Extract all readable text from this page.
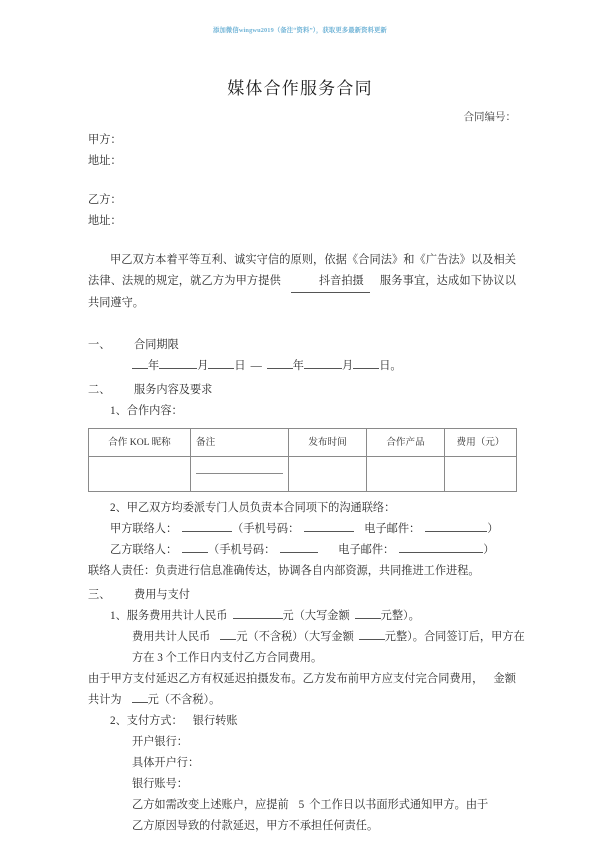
添加微信wingwu2019（备注“资料”），获取更多最新资料更新
媒体合作服务合同
合同编号：
甲方：
地址：
乙方：
地址：

甲乙双方本着平等互利、诚实守信的原则，依据《合同法》和《广告法》以及相关法律、法规的规定，就乙方为甲方提供	抖音拍摄 服务事宜，达成如下协议以共同遵守。

一、	合同期限
年	月 日 —	年	月 日。
二、	服务内容及要求
1、合作内容：
合作 KOL 昵称	备注	发布时间	合作产品	费用（元）

2、甲乙双方均委派专门人员负责本合同项下的沟通联络：
甲方联络人：	（手机号码：	电子邮件：	）
乙方联络人：	（手机号码：	电子邮件：	）

联络人责任：负责进行信息准确传达，协调各自内部资源，共同推进工作进程。

三、	费用与支付
1、服务费用共计人民币	元（大写金额	元整）。
费用共计人民币 元（不含税）（大写金额	元整）。合同签订后，甲方在
方在 3 个工作日内支付乙方合同费用。

由于甲方支付延迟乙方有权延迟拍摄发布。乙方发布前甲方应支付完合同费用， 金额共计为 元（不含税）。

2、支付方式： 银行转账
开户银行：
具体开户行：
银行账号：
乙方如需改变上述账户，应提前 5 个工作日以书面形式通知甲方。由于
乙方原因导致的付款延迟，甲方不承担任何责任。
